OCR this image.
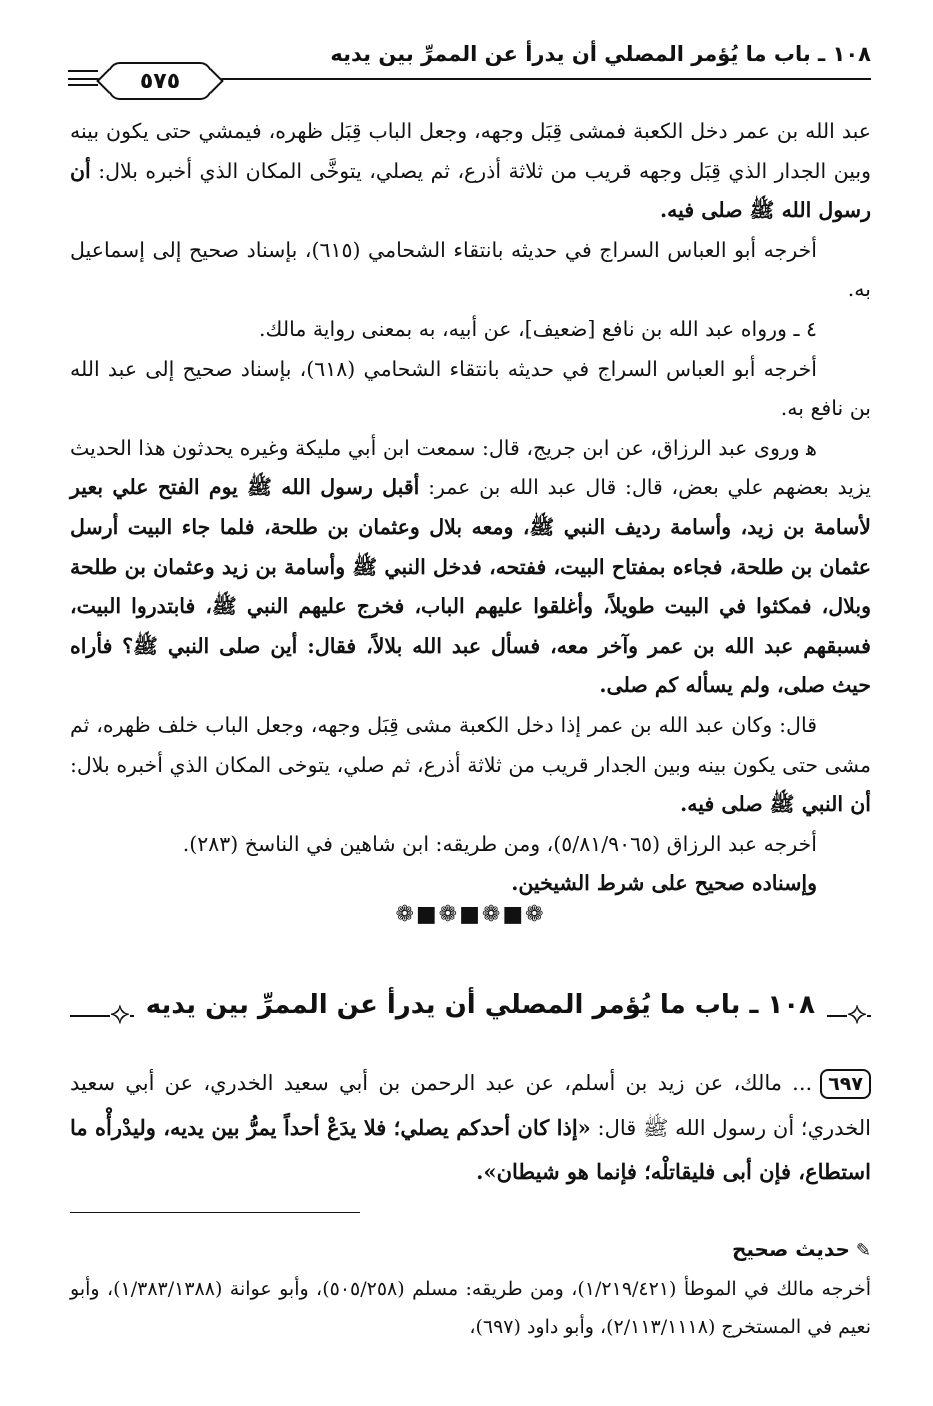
١٠٨ ـ باب ما يُؤمر المصلي أن يدرأ عن الممرِّ بين يديه
٥٧٥

عبد الله بن عمر دخل الكعبة فمشى قِبَل وجهه، وجعل الباب قِبَل ظهره، فيمشي حتى يكون بينه وبين الجدار الذي قِبَل وجهه قريب من ثلاثة أذرع، ثم يصلي، يتوخَّى المكان الذي أخبره بلال: أن رسول الله ﷺ صلى فيه.

أخرجه أبو العباس السراج في حديثه بانتقاء الشحامي (٦١٥)، بإسناد صحيح إلى إسماعيل به.

٤ ـ ورواه عبد الله بن نافع [ضعيف]، عن أبيه، به بمعنى رواية مالك.

أخرجه أبو العباس السراج في حديثه بانتقاء الشحامي (٦١٨)، بإسناد صحيح إلى عبد الله بن نافع به.

ﻫ وروى عبد الرزاق، عن ابن جريج، قال: سمعت ابن أبي مليكة وغيره يحدثون هذا الحديث يزيد بعضهم علي بعض، قال: قال عبد الله بن عمر: أقبل رسول الله ﷺ يوم الفتح علي بعير لأسامة بن زيد، وأسامة رديف النبي ﷺ، ومعه بلال وعثمان بن طلحة، فلما جاء البيت أرسل عثمان بن طلحة، فجاءه بمفتاح البيت، ففتحه، فدخل النبي ﷺ وأسامة بن زيد وعثمان بن طلحة وبلال، فمكثوا في البيت طويلاً، وأغلقوا عليهم الباب، فخرج عليهم النبي ﷺ، فابتدروا البيت، فسبقهم عبد الله بن عمر وآخر معه، فسأل عبد الله بلالاً، فقال: أين صلى النبي ﷺ؟ فأراه حيث صلى، ولم يسأله كم صلى.

قال: وكان عبد الله بن عمر إذا دخل الكعبة مشى قِبَل وجهه، وجعل الباب خلف ظهره، ثم مشى حتى يكون بينه وبين الجدار قريب من ثلاثة أذرع، ثم صلي، يتوخى المكان الذي أخبره بلال: أن النبي ﷺ صلى فيه.

أخرجه عبد الرزاق (٥/٨١/٩٠٦٥)، ومن طريقه: ابن شاهين في الناسخ (٢٨٣).

وإسناده صحيح على شرط الشيخين.

❁■❁■❁■❁

⟡
١٠٨ ـ باب ما يُؤمر المصلي أن يدرأ عن الممرِّ بين يديه
⟡

٦٩٧... مالك، عن زيد بن أسلم، عن عبد الرحمن بن أبي سعيد الخدري، عن أبي سعيد الخدري؛ أن رسول الله ﷺ قال: «إذا كان أحدكم يصلي؛ فلا يدَعْ أحداً يمرُّ بين يديه، وليدْرأْه ما استطاع، فإن أبى فليقاتلْه؛ فإنما هو شيطان».

✎حديث صحيح

أخرجه مالك في الموطأ (١/٢١٩/٤٢١)، ومن طريقه: مسلم (٥٠٥/٢٥٨)، وأبو عوانة (١/٣٨٣/١٣٨٨)، وأبو نعيم في المستخرج (٢/١١٣/١١١٨)، وأبو داود (٦٩٧)،
